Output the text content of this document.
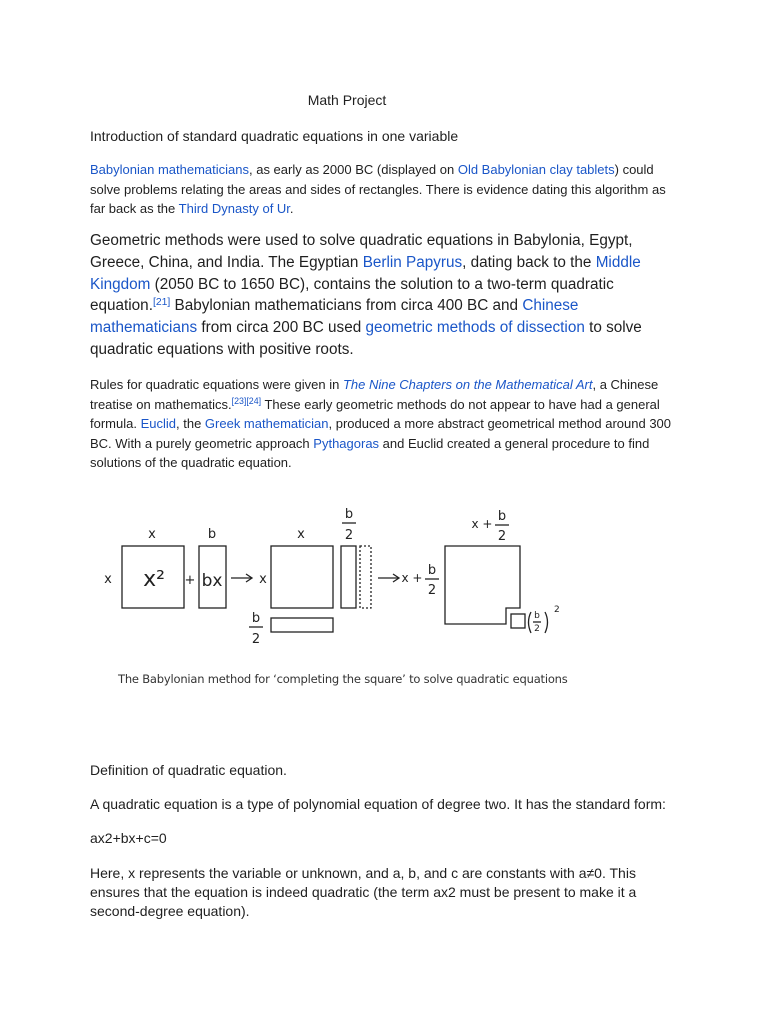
Math Project

Introduction of standard quadratic equations in one variable

Babylonian mathematicians, as early as 2000 BC (displayed on Old Babylonian clay tablets) could solve problems relating the areas and sides of rectangles. There is evidence dating this algorithm as far back as the Third Dynasty of Ur.

Geometric methods were used to solve quadratic equations in Babylonia, Egypt, Greece, China, and India. The Egyptian Berlin Papyrus, dating back to the Middle Kingdom (2050 BC to 1650 BC), contains the solution to a two-term quadratic equation.[21] Babylonian mathematicians from circa 400 BC and Chinese mathematicians from circa 200 BC used geometric methods of dissection to solve quadratic equations with positive roots.

Rules for quadratic equations were given in The Nine Chapters on the Mathematical Art, a Chinese treatise on mathematics.[23][24] These early geometric methods do not appear to have had a general formula. Euclid, the Greek mathematician, produced a more abstract geometrical method around 300 BC. With a purely geometric approach Pythagoras and Euclid created a general procedure to find solutions of the quadratic equation.

x	b	x
b
2
x + b
2
x	x	x + b
2
b
2
x² + bx
2
b
2
The Babylonian method for ‘completing the square’ to solve quadratic equations

Definition of quadratic equation.

A quadratic equation is a type of polynomial equation of degree two. It has the standard form:

ax2+bx+c=0

Here, x represents the variable or unknown, and a, b, and c are constants with a≠0. This ensures that the equation is indeed quadratic (the term ax2 must be present to make it a second-degree equation).
